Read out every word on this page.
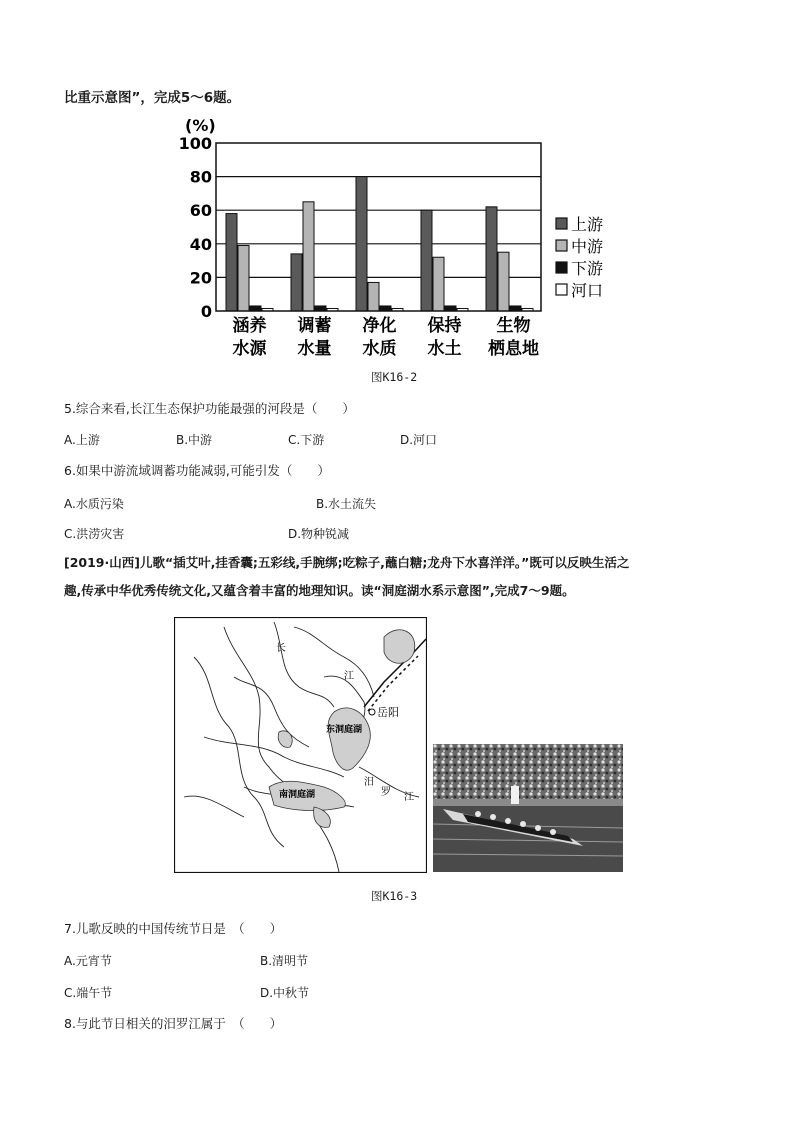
比重示意图”，完成5～6题。
(%)
0
20
40
60
80
100
涵养
水源
调蓄
水量
净化
水质
保持
水土
生物
栖息地
上游
中游
下游
河口
图K16-2
5.综合来看,长江生态保护功能最强的河段是（　　）
A.上游	B.中游	C.下游	D.河口
6.如果中游流域调蓄功能减弱,可能引发（　　）
A.水质污染	B.水土流失
C.洪涝灾害	D.物种锐减
[2019·山西]儿歌“插艾叶,挂香囊;五彩线,手腕绑;吃粽子,蘸白糖;龙舟下水喜洋洋。”既可以反映生活之
趣,传承中华优秀传统文化,又蕴含着丰富的地理知识。读“洞庭湖水系示意图”,完成7～9题。
长
江
岳阳
东洞庭湖
南洞庭湖
汨
罗 江
图K16-3
7.儿歌反映的中国传统节日是　（　　）
A.元宵节	B.清明节
C.端午节	D.中秋节
8.与此节日相关的汨罗江属于　（　　）
